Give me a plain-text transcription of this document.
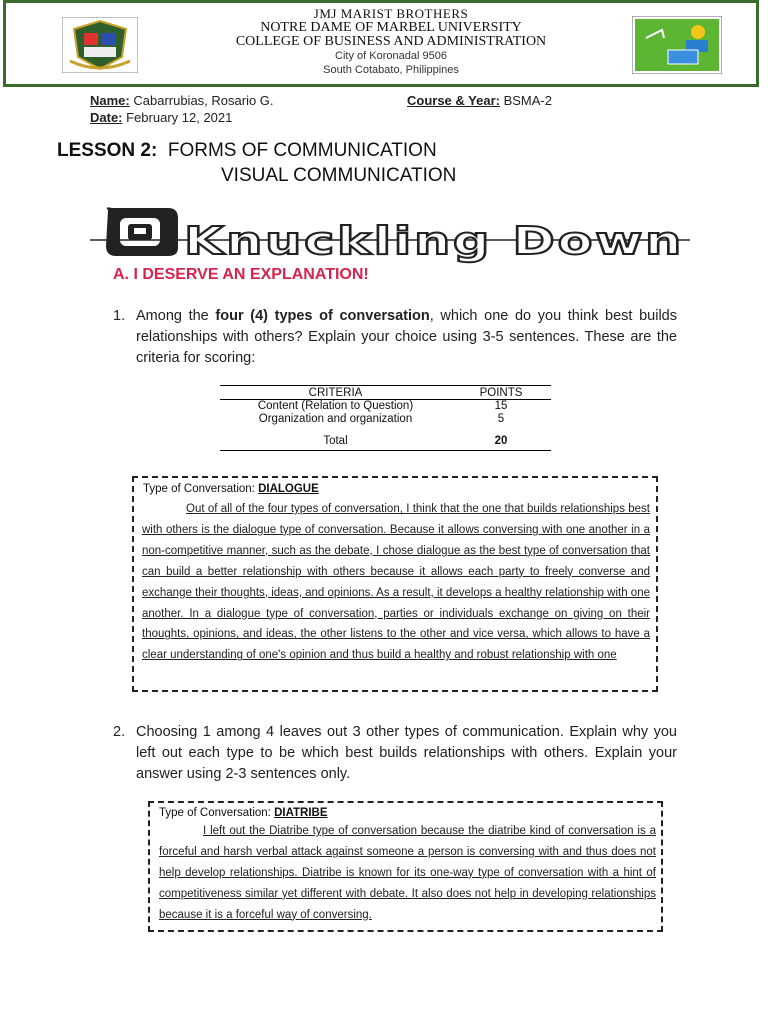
JMJ MARIST BROTHERS
NOTRE DAME OF MARBEL UNIVERSITY
COLLEGE OF BUSINESS AND ADMINISTRATION
City of Koronadal 9506
South Cotabato, Philippines
Name: Cabarrubias, Rosario G.	Course & Year: BSMA-2
Date: February 12, 2021
LESSON 2:  FORMS OF COMMUNICATION
VISUAL COMMUNICATION
Knuckling Down
A. I DESERVE AN EXPLANATION!
1. Among the four (4) types of conversation, which one do you think best builds relationships with others? Explain your choice using 3-5 sentences. These are the criteria for scoring:
CRITERIA	POINTS
Content (Relation to Question)	15
Organization and organization	5
Total	20
Type of Conversation: DIALOGUE
Out of all of the four types of conversation, I think that the one that builds relationships best with others is the dialogue type of conversation. Because it allows conversing with one another in a non-competitive manner, such as the debate, I chose dialogue as the best type of conversation that can build a better relationship with others because it allows each party to freely converse and exchange their thoughts, ideas, and opinions. As a result, it develops a healthy relationship with one another. In a dialogue type of conversation, parties or individuals exchange on giving on their thoughts, opinions, and ideas, the other listens to the other and vice versa, which allows to have a clear understanding of one's opinion and thus build a healthy and robust relationship with one
2. Choosing 1 among 4 leaves out 3 other types of communication. Explain why you left out each type to be which best builds relationships with others. Explain your answer using 2-3 sentences only.
Type of Conversation: DIATRIBE
I left out the Diatribe type of conversation because the diatribe kind of conversation is a forceful and harsh verbal attack against someone a person is conversing with and thus does not help develop relationships. Diatribe is known for its one-way type of conversation with a hint of competitiveness similar yet different with debate. It also does not help in developing relationships because it is a forceful way of conversing.
